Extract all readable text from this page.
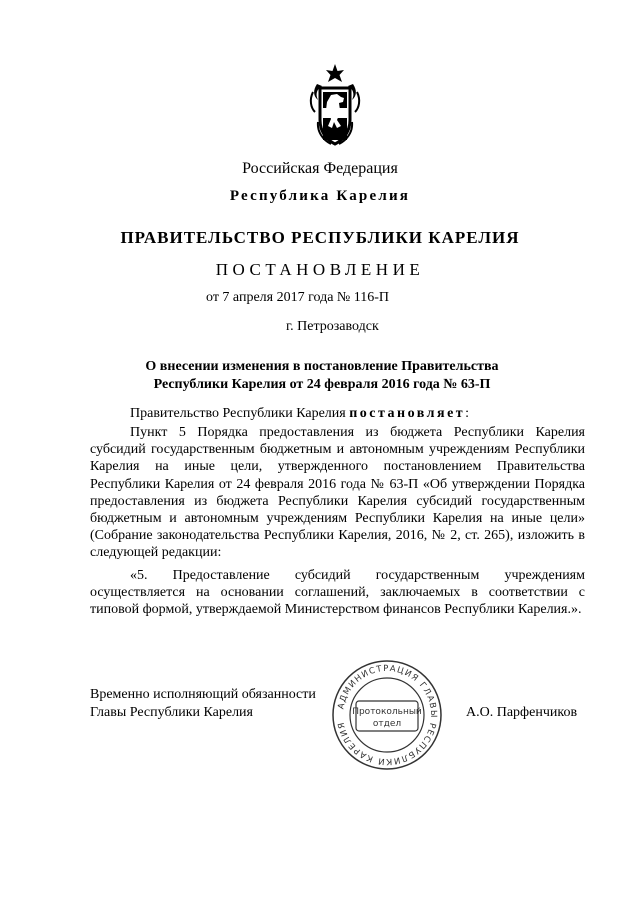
Российская Федерация
Республика Карелия
ПРАВИТЕЛЬСТВО РЕСПУБЛИКИ КАРЕЛИЯ
ПОСТАНОВЛЕНИЕ
от 7 апреля 2017 года № 116-П
г. Петрозаводск
О внесении изменения в постановление Правительства
Республики Карелия от 24 февраля 2016 года № 63-П
Правительство Республики Карелия постановляет:
Пункт 5 Порядка предоставления из бюджета Республики Карелия субсидий государственным бюджетным и автономным учреждениям Республики Карелия на иные цели, утвержденного постановлением Правительства Республики Карелия от 24 февраля 2016 года № 63-П «Об утверждении Порядка предоставления из бюджета Республики Карелия субсидий государственным бюджетным и автономным учреждениям Республики Карелия на иные цели» (Собрание законодательства Республики Карелия, 2016, № 2, ст. 265), изложить в следующей редакции:
«5. Предоставление субсидий государственным учреждениям осуществляется на основании соглашений, заключаемых в соответствии с типовой формой, утверждаемой Министерством финансов Республики Карелия.».
Временно исполняющий обязанности
Главы Республики Карелия	А.О. Парфенчиков
АДМИНИСТРАЦИЯ ГЛАВЫ РЕСПУБЛИКИ КАРЕЛИЯ
Протокольный
отдел
